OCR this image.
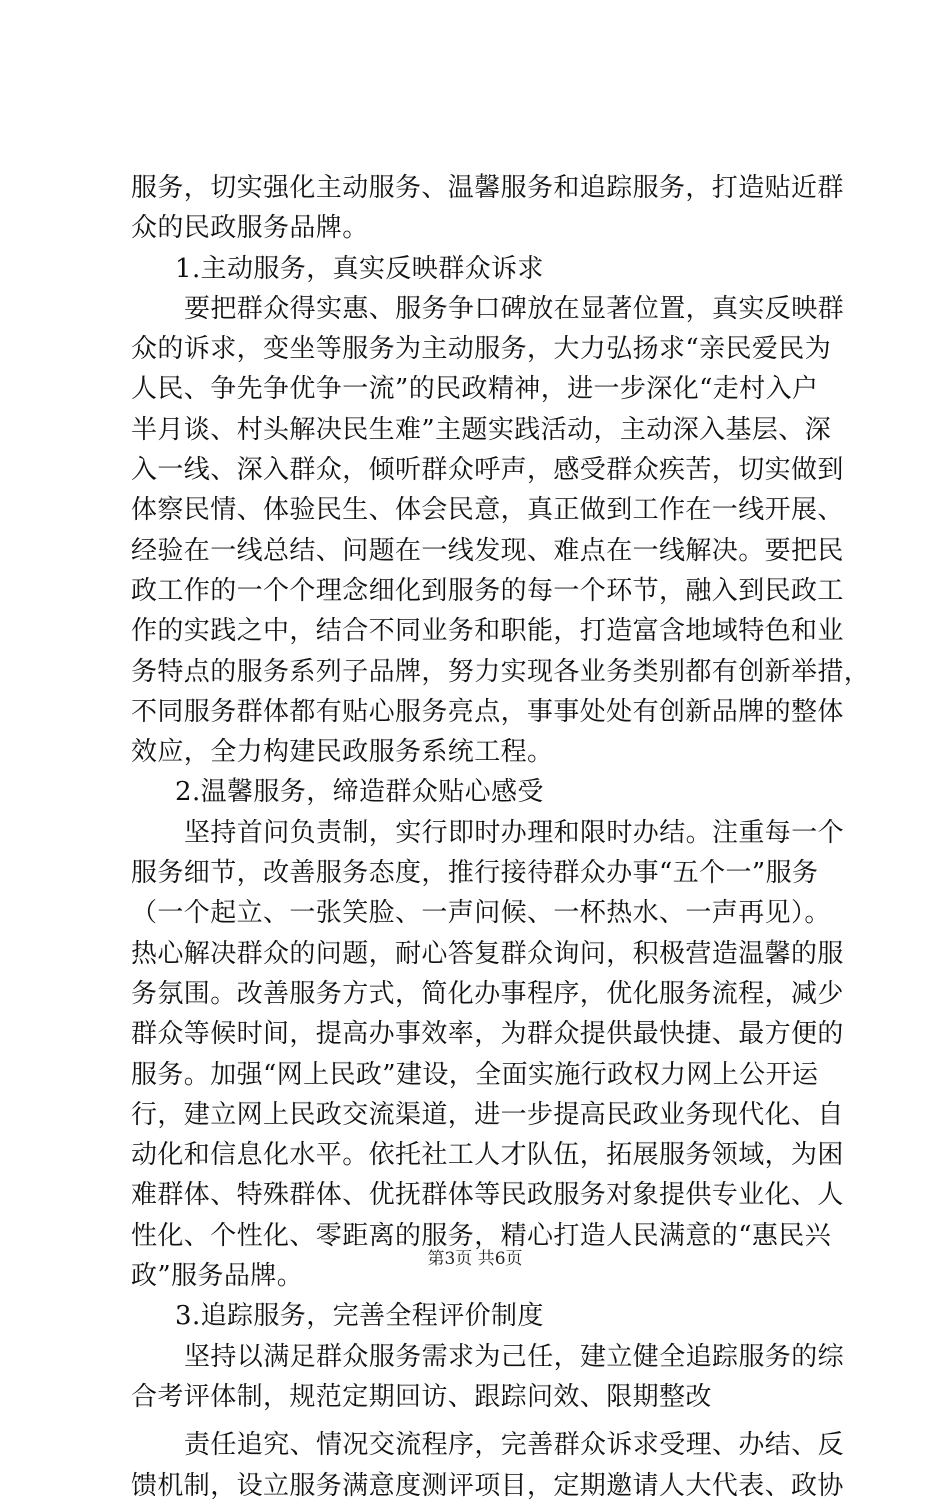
服务，切实强化主动服务、温馨服务和追踪服务，打造贴近群
众的民政服务品牌。
1.主动服务，真实反映群众诉求
要把群众得实惠、服务争口碑放在显著位置，真实反映群
众的诉求，变坐等服务为主动服务，大力弘扬求“亲民爱民为
人民、争先争优争一流”的民政精神，进一步深化“走村入户
半月谈、村头解决民生难”主题实践活动，主动深入基层、深
入一线、深入群众，倾听群众呼声，感受群众疾苦，切实做到
体察民情、体验民生、体会民意，真正做到工作在一线开展、
经验在一线总结、问题在一线发现、难点在一线解决。要把民
政工作的一个个理念细化到服务的每一个环节，融入到民政工
作的实践之中，结合不同业务和职能，打造富含地域特色和业
务特点的服务系列子品牌，努力实现各业务类别都有创新举措，
不同服务群体都有贴心服务亮点，事事处处有创新品牌的整体
效应，全力构建民政服务系统工程。
2.温馨服务，缔造群众贴心感受
坚持首问负责制，实行即时办理和限时办结。注重每一个
服务细节，改善服务态度，推行接待群众办事“五个一”服务
（一个起立、一张笑脸、一声问候、一杯热水、一声再见）。
热心解决群众的问题，耐心答复群众询问，积极营造温馨的服
务氛围。改善服务方式，简化办事程序，优化服务流程，减少
群众等候时间，提高办事效率，为群众提供最快捷、最方便的
服务。加强“网上民政”建设，全面实施行政权力网上公开运
行，建立网上民政交流渠道，进一步提高民政业务现代化、自
动化和信息化水平。依托社工人才队伍，拓展服务领域，为困
难群体、特殊群体、优抚群体等民政服务对象提供专业化、人
性化、个性化、零距离的服务，精心打造人民满意的“惠民兴
政”服务品牌。
3.追踪服务，完善全程评价制度
坚持以满足群众服务需求为己任，建立健全追踪服务的综
合考评体制，规范定期回访、跟踪问效、限期整改
责任追究、情况交流程序，完善群众诉求受理、办结、反
馈机制，设立服务满意度测评项目，定期邀请人大代表、政协
第3页 共6页
